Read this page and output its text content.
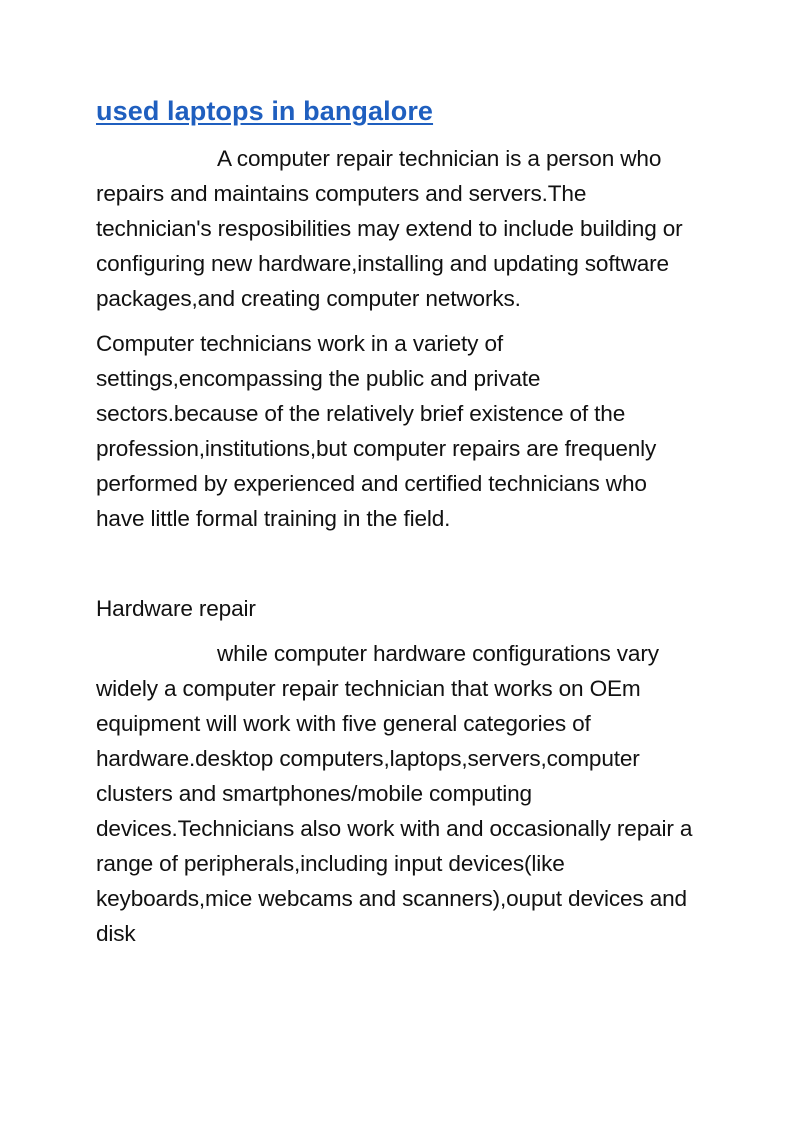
used laptops in bangalore

A computer repair technician is a person who repairs and maintains computers and servers.The technician's resposibilities may extend to include building or configuring new hardware,installing and updating software packages,and creating computer networks.

Computer technicians work in a variety of settings,encompassing the public and private sectors.because of the relatively brief existence of the profession,institutions,but computer repairs are frequenly performed by experienced and certified technicians who have little formal training in the field.

Hardware repair

while computer hardware configurations vary widely a computer repair technician that works on OEm equipment will work with five general categories of hardware.desktop computers,laptops,servers,computer clusters and smartphones/mobile computing devices.Technicians also work with and occasionally repair a range of peripherals,including input devices(like keyboards,mice webcams and scanners),ouput devices and disk
